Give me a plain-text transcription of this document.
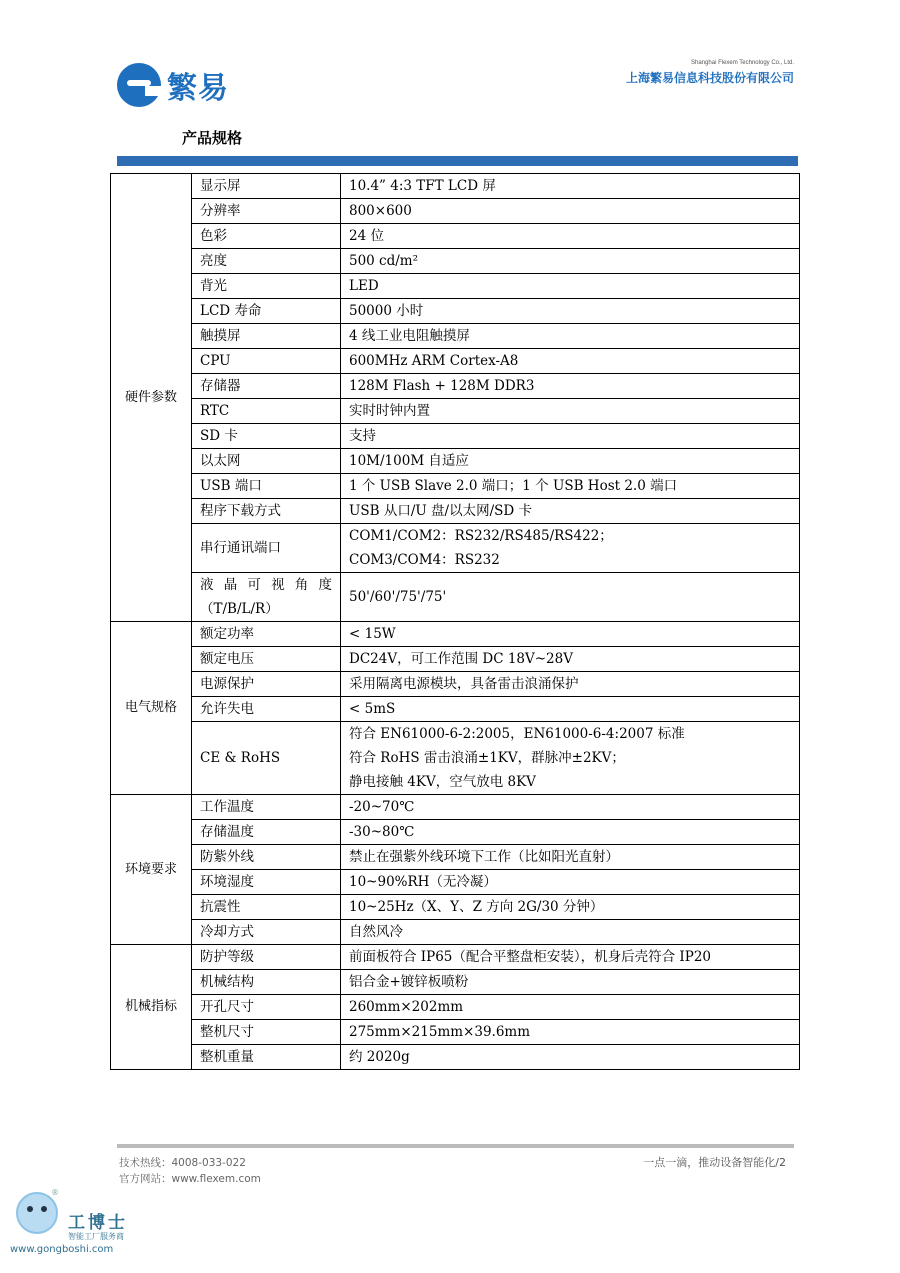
繁易
Shanghai Flexem Technology Co., Ltd.
上海繁易信息科技股份有限公司
产品规格
硬件参数	显示屏	10.4” 4:3 TFT LCD 屏
	分辨率	800×600
	色彩	24 位
	亮度	500 cd/m²
	背光	LED
	LCD 寿命	50000 小时
	触摸屏	4 线工业电阻触摸屏
	CPU	600MHz ARM Cortex-A8
	存储器	128M Flash + 128M DDR3
	RTC	实时时钟内置
	SD 卡	支持
	以太网	10M/100M 自适应
	USB 端口	1 个 USB Slave 2.0 端口；1 个 USB Host 2.0 端口
	程序下载方式	USB 从口/U 盘/以太网/SD 卡
	串行通讯端口	COM1/COM2：RS232/RS485/RS422；
COM3/COM4：RS232

	液 晶 可 视 角 度
（T/B/L/R）	50'/60'/75'/75'
电气规格	额定功率	< 15W
	额定电压	DC24V，可工作范围 DC 18V~28V
	电源保护	采用隔离电源模块，具备雷击浪涌保护
	允许失电	< 5mS
	CE & RoHS	符合 EN61000-6-2:2005，EN61000-6-4:2007 标准
符合 RoHS 雷击浪涌±1KV，群脉冲±2KV；
静电接触 4KV，空气放电 8KV

环境要求	工作温度	-20~70℃
	存储温度	-30~80℃
	防紫外线	禁止在强紫外线环境下工作（比如阳光直射）
	环境湿度	10~90%RH（无冷凝）
	抗震性	10~25Hz（X、Y、Z 方向 2G/30 分钟）
	冷却方式	自然风冷
机械指标	防护等级	前面板符合 IP65（配合平整盘柜安装），机身后壳符合 IP20
	机械结构	铝合金+镀锌板喷粉
	开孔尺寸	260mm×202mm
	整机尺寸	275mm×215mm×39.6mm
	整机重量	约 2020g
技术热线：4008-033-022
官方网站：www.flexem.com
一点一滴，推动设备智能化/2
®
工博士
智能工厂服务商
www.gongboshi.com
